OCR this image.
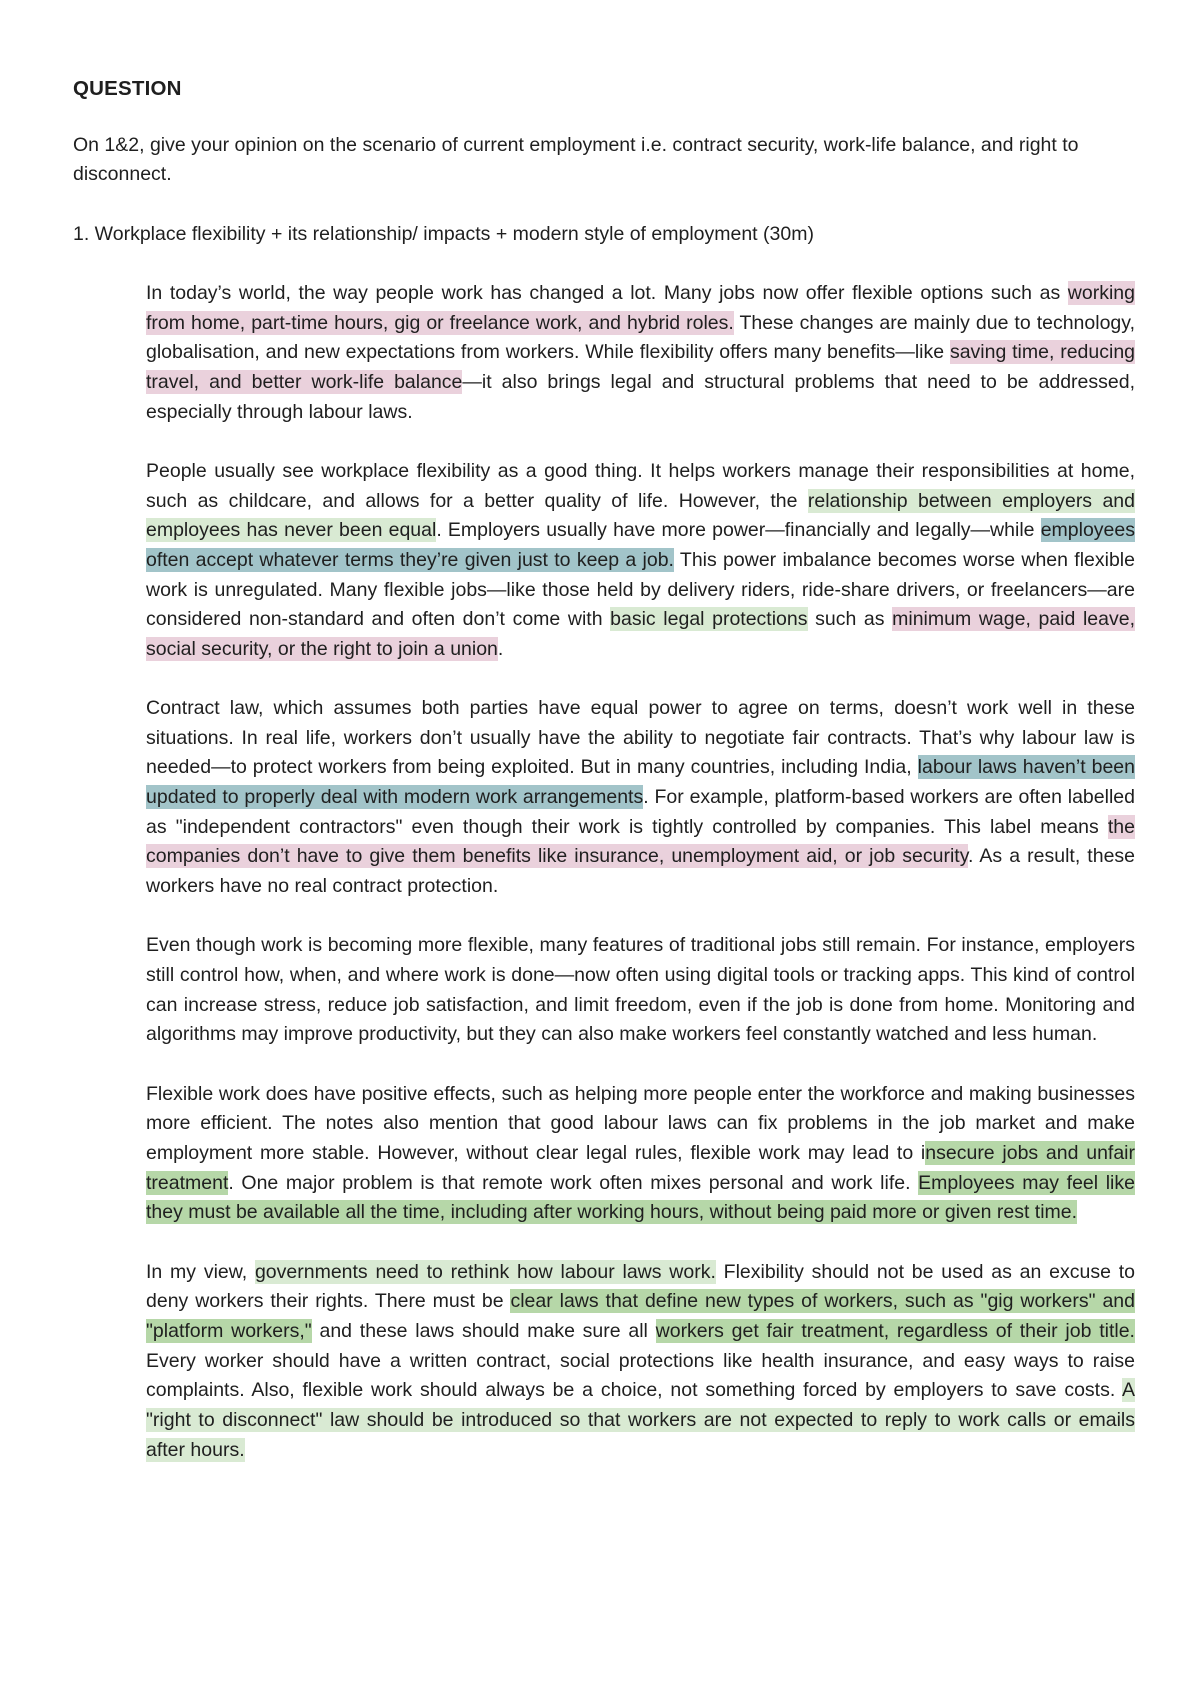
QUESTION

On 1&2, give your opinion on the scenario of current employment i.e. contract security, work-life balance, and right to disconnect.

1. Workplace flexibility + its relationship/ impacts + modern style of employment (30m)

In today’s world, the way people work has changed a lot. Many jobs now offer flexible options such as working from home, part-time hours, gig or freelance work, and hybrid roles. These changes are mainly due to technology, globalisation, and new expectations from workers. While flexibility offers many benefits—like saving time, reducing travel, and better work-life balance—it also brings legal and structural problems that need to be addressed, especially through labour laws.

People usually see workplace flexibility as a good thing. It helps workers manage their responsibilities at home, such as childcare, and allows for a better quality of life. However, the relationship between employers and employees has never been equal. Employers usually have more power—financially and legally—while employees often accept whatever terms they’re given just to keep a job. This power imbalance becomes worse when flexible work is unregulated. Many flexible jobs—like those held by delivery riders, ride-share drivers, or freelancers—are considered non-standard and often don’t come with basic legal protections such as minimum wage, paid leave, social security, or the right to join a union.

Contract law, which assumes both parties have equal power to agree on terms, doesn’t work well in these situations. In real life, workers don’t usually have the ability to negotiate fair contracts. That’s why labour law is needed—to protect workers from being exploited. But in many countries, including India, labour laws haven’t been updated to properly deal with modern work arrangements. For example, platform-based workers are often labelled as "independent contractors" even though their work is tightly controlled by companies. This label means the companies don’t have to give them benefits like insurance, unemployment aid, or job security. As a result, these workers have no real contract protection.

Even though work is becoming more flexible, many features of traditional jobs still remain. For instance, employers still control how, when, and where work is done—now often using digital tools or tracking apps. This kind of control can increase stress, reduce job satisfaction, and limit freedom, even if the job is done from home. Monitoring and algorithms may improve productivity, but they can also make workers feel constantly watched and less human.

Flexible work does have positive effects, such as helping more people enter the workforce and making businesses more efficient. The notes also mention that good labour laws can fix problems in the job market and make employment more stable. However, without clear legal rules, flexible work may lead to insecure jobs and unfair treatment. One major problem is that remote work often mixes personal and work life. Employees may feel like they must be available all the time, including after working hours, without being paid more or given rest time.

In my view, governments need to rethink how labour laws work. Flexibility should not be used as an excuse to deny workers their rights. There must be clear laws that define new types of workers, such as "gig workers" and "platform workers," and these laws should make sure all workers get fair treatment, regardless of their job title. Every worker should have a written contract, social protections like health insurance, and easy ways to raise complaints. Also, flexible work should always be a choice, not something forced by employers to save costs. A "right to disconnect" law should be introduced so that workers are not expected to reply to work calls or emails after hours.
